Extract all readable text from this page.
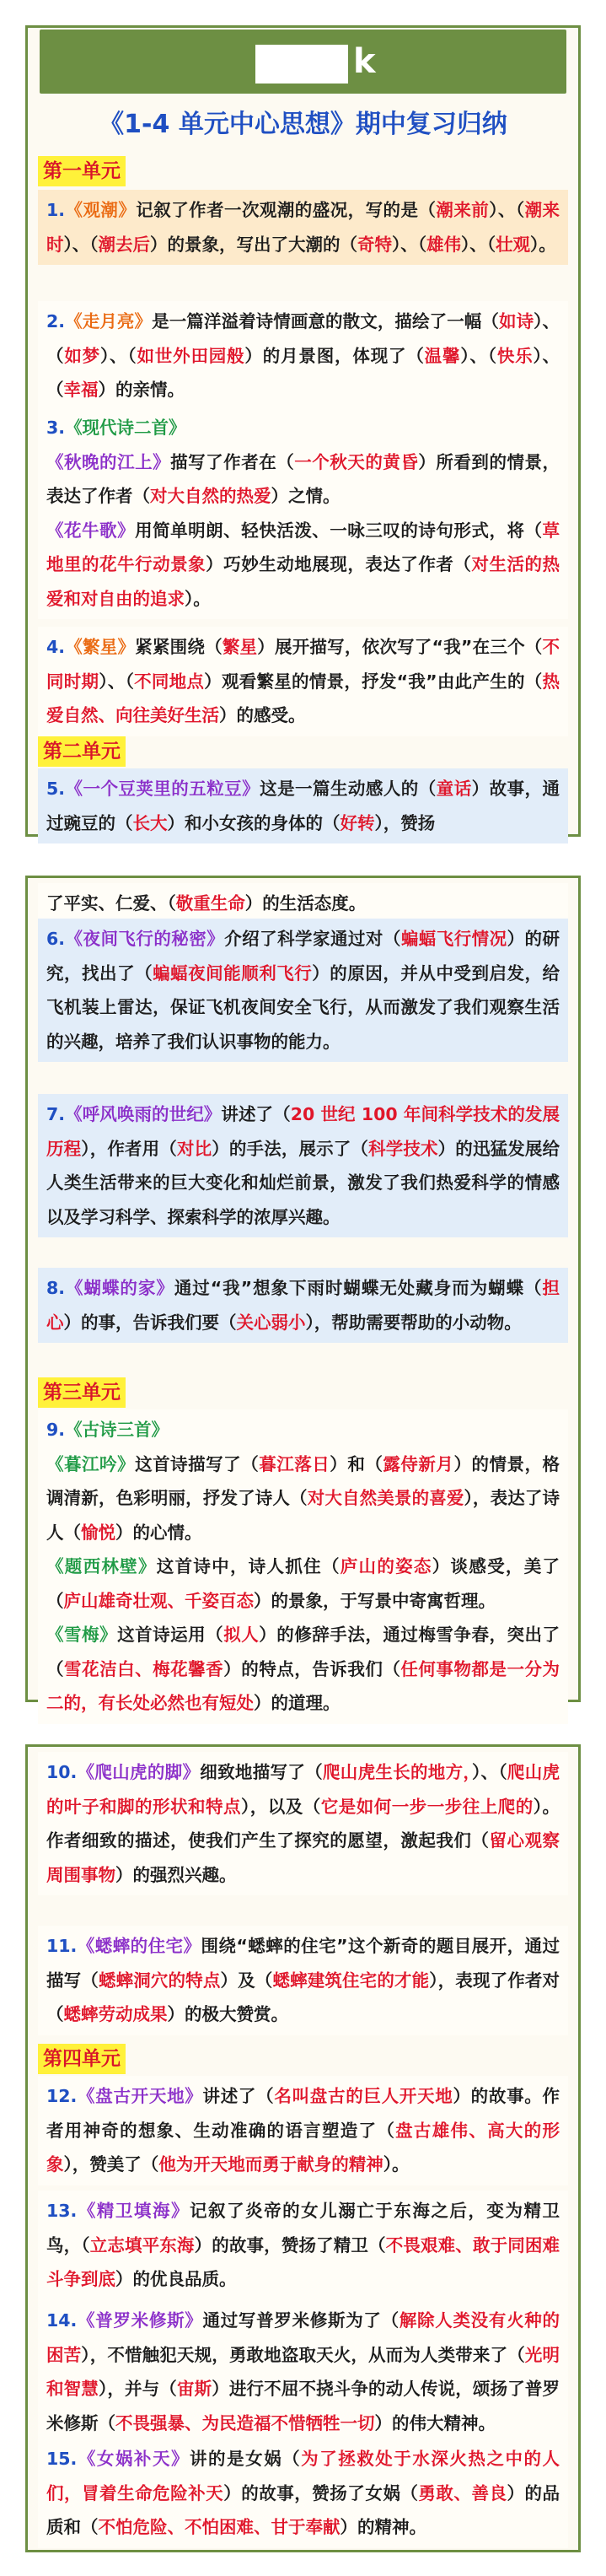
k
《1-4 单元中心思想》期中复习归纳
第一单元

1.《观潮》记叙了作者一次观潮的盛况，写的是（潮来前）、（潮来时）、（潮去后）的景象，写出了大潮的（奇特）、（雄伟）、（壮观）。

2.《走月亮》是一篇洋溢着诗情画意的散文，描绘了一幅（如诗）、（如梦）、（如世外田园般）的月景图，体现了（温馨）、（快乐）、（幸福）的亲情。

3.《现代诗二首》

《秋晚的江上》描写了作者在（一个秋天的黄昏）所看到的情景，表达了作者（对大自然的热爱）之情。

《花牛歌》用简单明朗、轻快活泼、一咏三叹的诗句形式，将（草地里的花牛行动景象）巧妙生动地展现，表达了作者（对生活的热爱和对自由的追求）。

4.《繁星》紧紧围绕（繁星）展开描写，依次写了“我”在三个（不同时期）、（不同地点）观看繁星的情景，抒发“我”由此产生的（热爱自然、向往美好生活）的感受。

第二单元

5.《一个豆荚里的五粒豆》这是一篇生动感人的（童话）故事，通过豌豆的（长大）和小女孩的身体的（好转），赞扬

了平实、仁爱、（敬重生命）的生活态度。

6.《夜间飞行的秘密》介绍了科学家通过对（蝙蝠飞行情况）的研究，找出了（蝙蝠夜间能顺利飞行）的原因，并从中受到启发，给飞机装上雷达，保证飞机夜间安全飞行，从而激发了我们观察生活的兴趣，培养了我们认识事物的能力。

7.《呼风唤雨的世纪》讲述了（20 世纪 100 年间科学技术的发展历程），作者用（对比）的手法，展示了（科学技术）的迅猛发展给人类生活带来的巨大变化和灿烂前景，激发了我们热爱科学的情感以及学习科学、探索科学的浓厚兴趣。

8.《蝴蝶的家》通过“我”想象下雨时蝴蝶无处藏身而为蝴蝶（担心）的事，告诉我们要（关心弱小），帮助需要帮助的小动物。

第三单元

9.《古诗三首》

《暮江吟》这首诗描写了（暮江落日）和（露侍新月）的情景，格调清新，色彩明丽，抒发了诗人（对大自然美景的喜爱），表达了诗人（愉悦）的心情。

《题西林壁》这首诗中，诗人抓住（庐山的姿态）谈感受，美了（庐山雄奇壮观、千姿百态）的景象，于写景中寄寓哲理。

《雪梅》这首诗运用（拟人）的修辞手法，通过梅雪争春，突出了（雪花洁白、梅花馨香）的特点，告诉我们（任何事物都是一分为二的，有长处必然也有短处）的道理。

10.《爬山虎的脚》细致地描写了（爬山虎生长的地方，）、（爬山虎的叶子和脚的形状和特点），以及（它是如何一步一步往上爬的）。作者细致的描述，使我们产生了探究的愿望，激起我们（留心观察周围事物）的强烈兴趣。

11.《蟋蟀的住宅》围绕“蟋蟀的住宅”这个新奇的题目展开，通过描写（蟋蟀洞穴的特点）及（蟋蟀建筑住宅的才能），表现了作者对（蟋蟀劳动成果）的极大赞赏。

第四单元

12.《盘古开天地》讲述了（名叫盘古的巨人开天地）的故事。作者用神奇的想象、生动准确的语言塑造了（盘古雄伟、高大的形象），赞美了（他为开天地而勇于献身的精神）。

13.《精卫填海》记叙了炎帝的女儿溺亡于东海之后，变为精卫鸟，（立志填平东海）的故事，赞扬了精卫（不畏艰难、敢于同困难斗争到底）的优良品质。

14.《普罗米修斯》通过写普罗米修斯为了（解除人类没有火种的困苦），不惜触犯天规，勇敢地盗取天火，从而为人类带来了（光明和智慧），并与（宙斯）进行不屈不挠斗争的动人传说，颂扬了普罗米修斯（不畏强暴、为民造福不惜牺牲一切）的伟大精神。

15.《女娲补天》讲的是女娲（为了拯救处于水深火热之中的人们，冒着生命危险补天）的故事，赞扬了女娲（勇敢、善良）的品质和（不怕危险、不怕困难、甘于奉献）的精神。
